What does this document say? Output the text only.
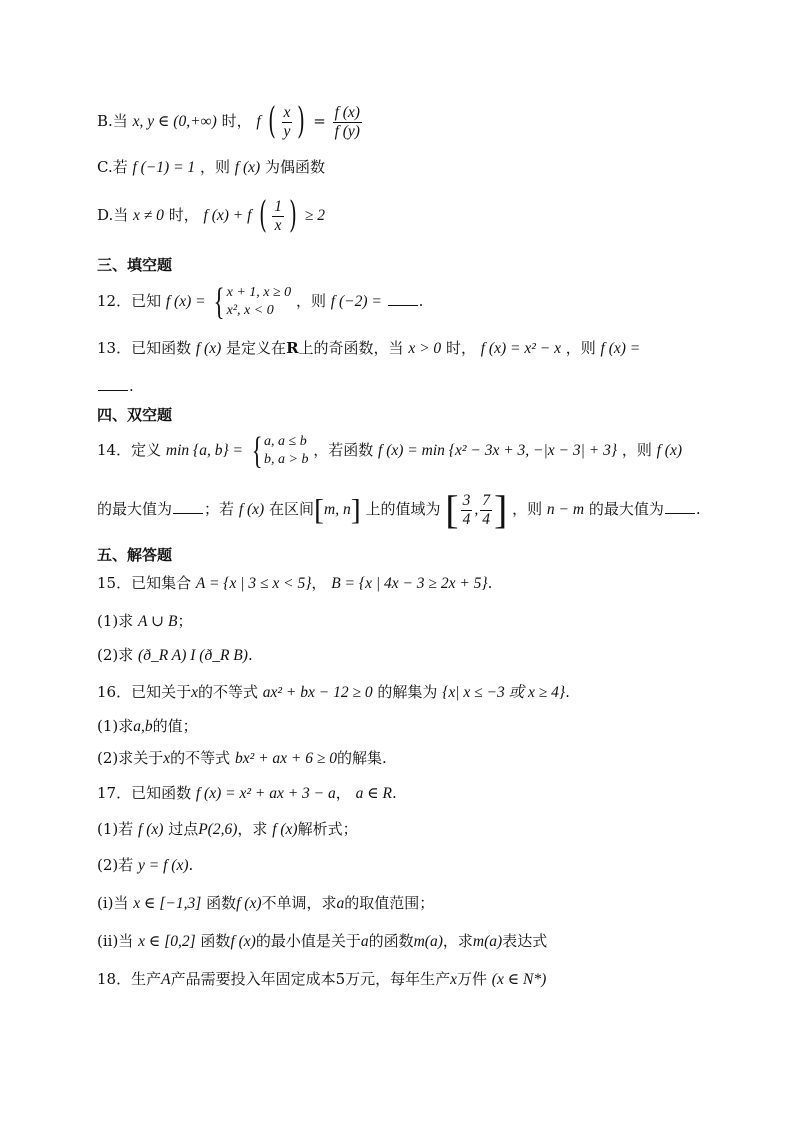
B.当 x, y ∈ (0,+∞) 时， f ( $\frac{x}{y}$ ) = $\frac{f (x)}{f (y)}$
C.若 f (−1) = 1 ，则 f (x) 为偶函数
D.当 x ≠ 0 时， f (x) + f ( $\frac{1}{x}$ ) ≥ 2
三、填空题
12．已知 f (x) = { x + 1, x ≥ 0
x², x < 0
，则 f (−2) = .
13．已知函数 f (x) 是定义在R上的奇函数，当 x > 0 时， f (x) = x² − x ，则 f (x) =
.
四、双空题
14．定义 min {a, b} = { a, a ≤ b
b, a > b
，若函数 f (x) = min {x² − 3x + 3, −|x − 3| + 3} ，则 f (x)
的最大值为 ；若 f (x) 在区间[m, n] 上的值域为 [ $\frac{3}{4}$ , $\frac{7}{4}$ ] ，则 n − m 的最大值为 .
五、解答题
15．已知集合 A = {x | 3 ≤ x < 5}， B = {x | 4x − 3 ≥ 2x + 5}.
(1)求 A ∪ B；
(2)求 (ð_R A) I (ð_R B).
16．已知关于x的不等式 ax² + bx − 12 ≥ 0 的解集为 {x| x ≤ −3 或 x ≥ 4}.
(1)求a,b的值；
(2)求关于x的不等式 bx² + ax + 6 ≥ 0的解集.
17．已知函数 f (x) = x² + ax + 3 − a， a ∈ R.
(1)若 f (x) 过点P(2,6)，求 f (x)解析式；
(2)若 y = f (x).
(i)当 x ∈ [−1,3] 函数f (x)不单调，求a的取值范围；
(ii)当 x ∈ [0,2] 函数f (x)的最小值是关于a的函数m(a)，求m(a)表达式
18．生产A产品需要投入年固定成本5万元，每年生产x万件 (x ∈ N*)
